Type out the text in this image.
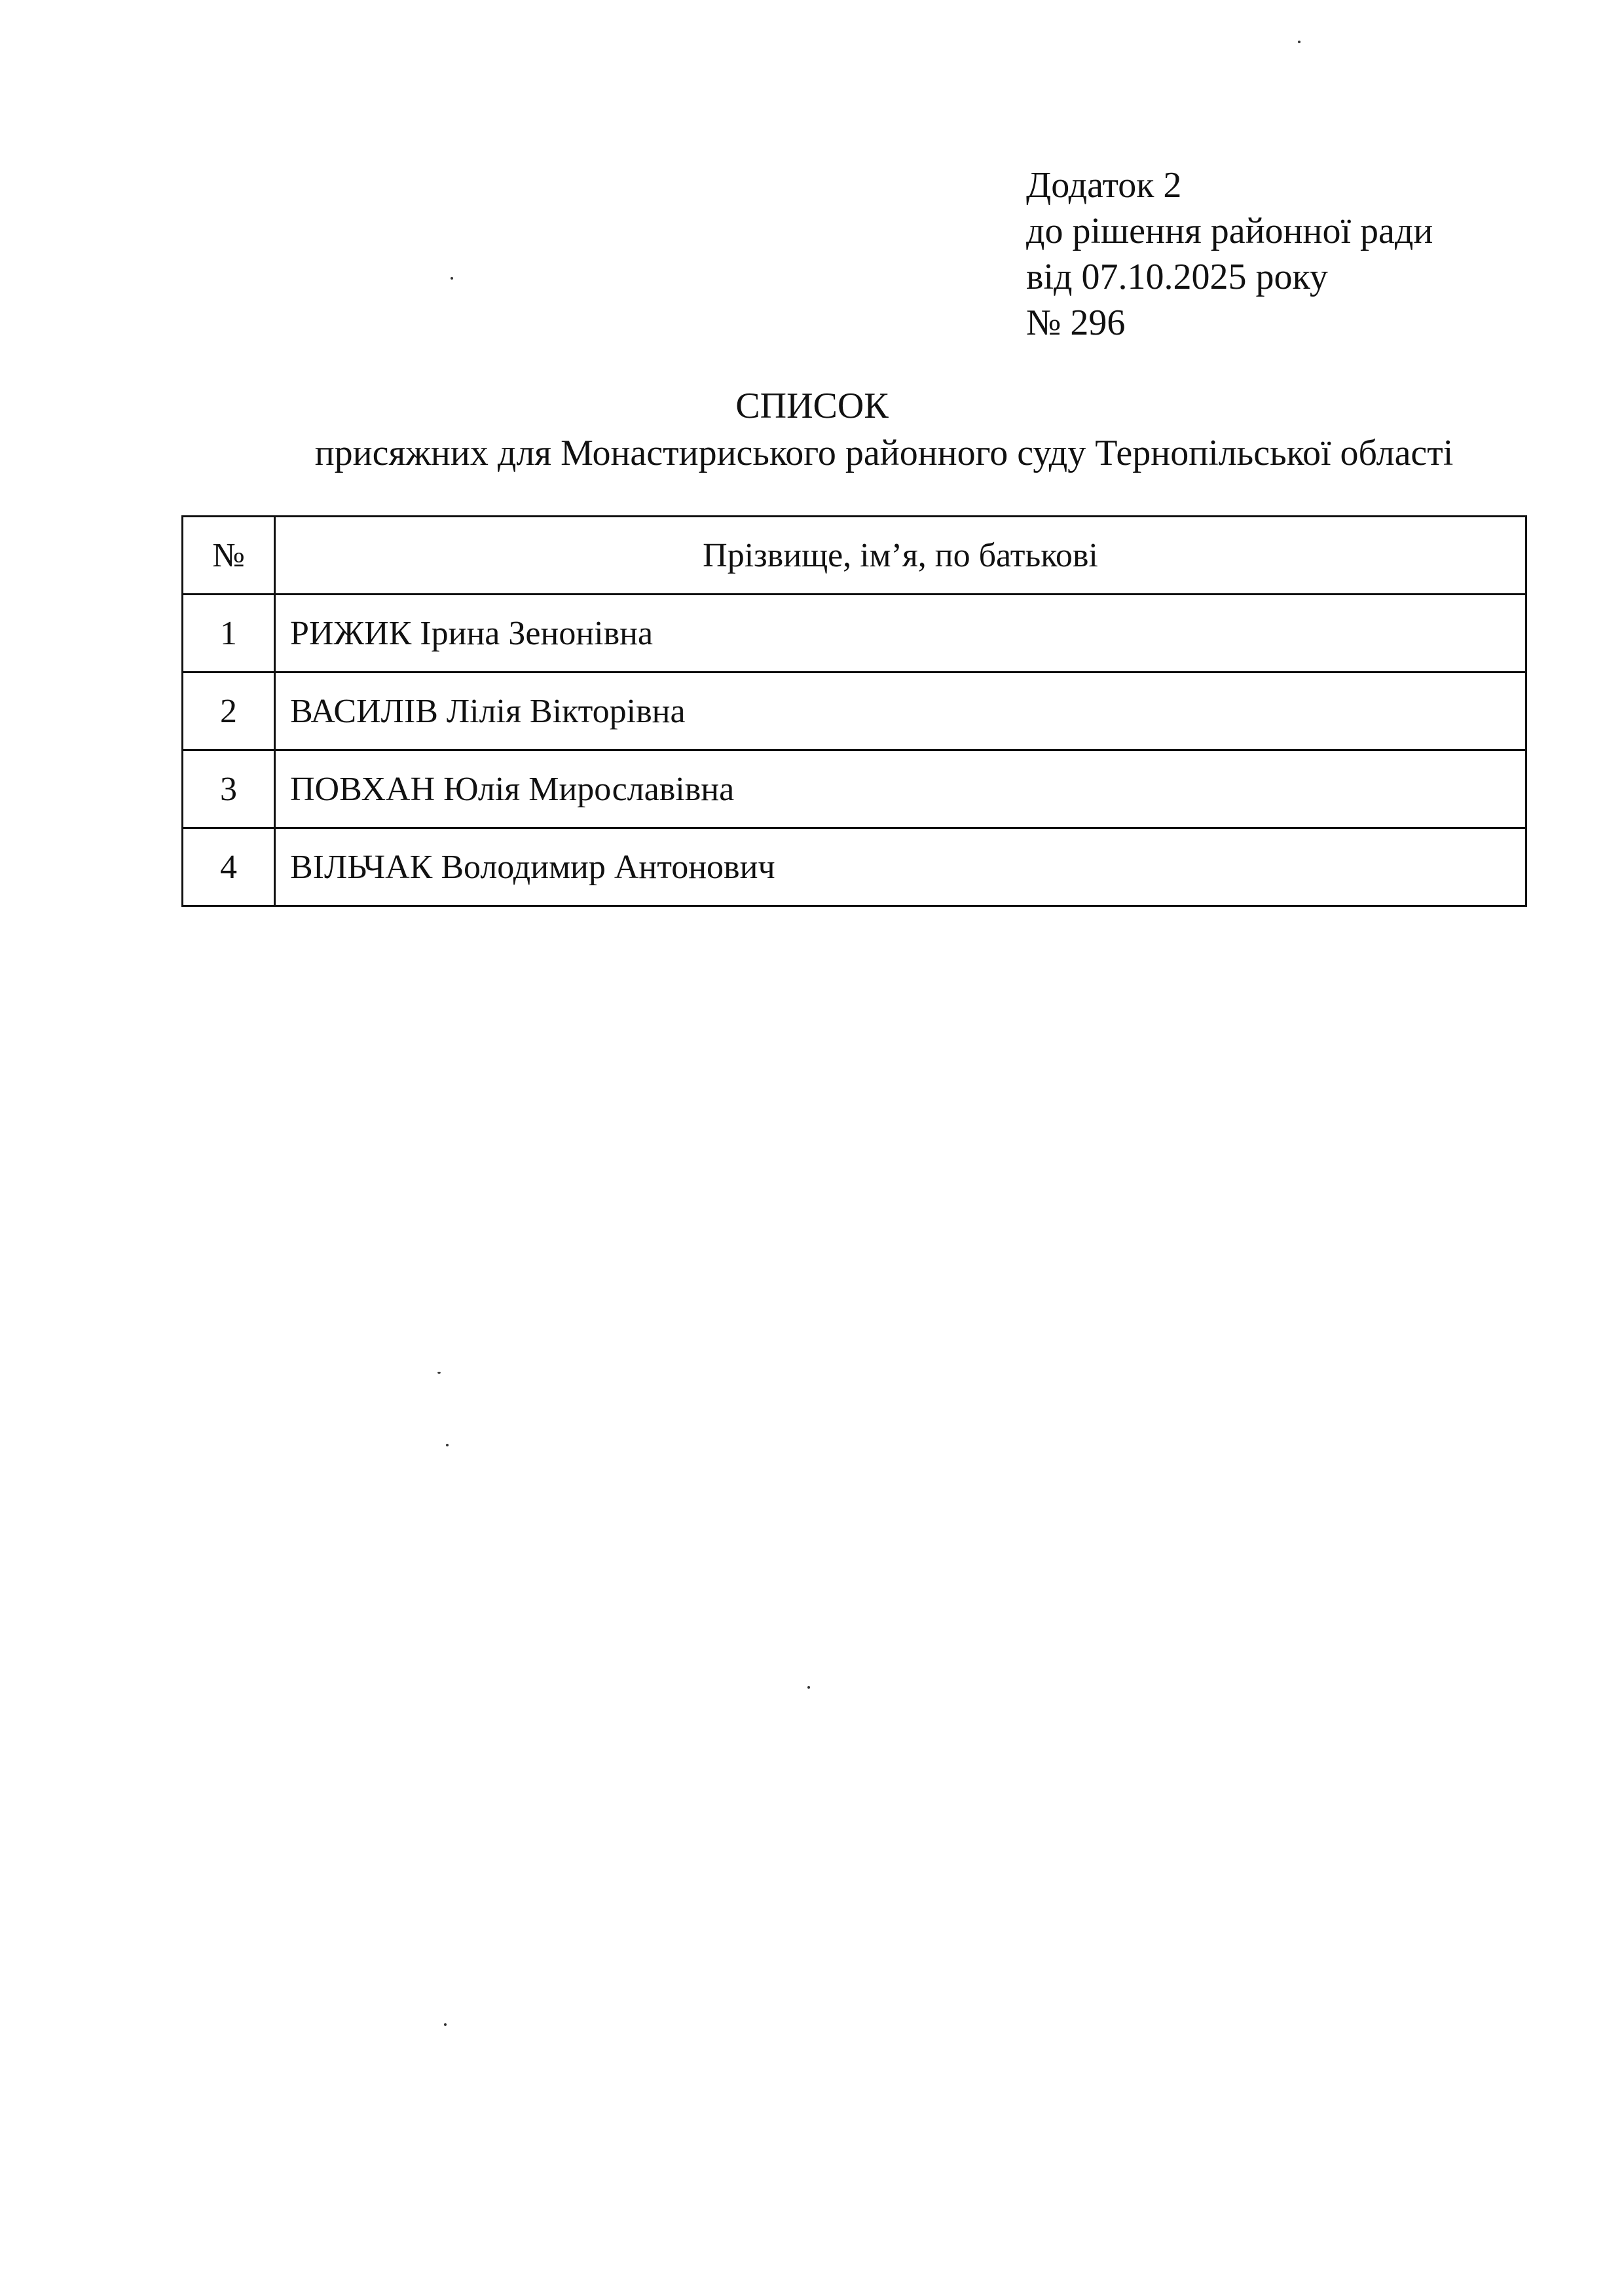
Додаток 2
до рішення районної ради
від 07.10.2025 року
№ 296
СПИСОК
присяжних для Монастириського районного суду Тернопільської області
№	Прізвище, ім’я, по батькові
1	РИЖИК Ірина Зенонівна
2	ВАСИЛІВ Лілія Вікторівна
3	ПОВХАН Юлія Мирославівна
4	ВІЛЬЧАК Володимир Антонович
